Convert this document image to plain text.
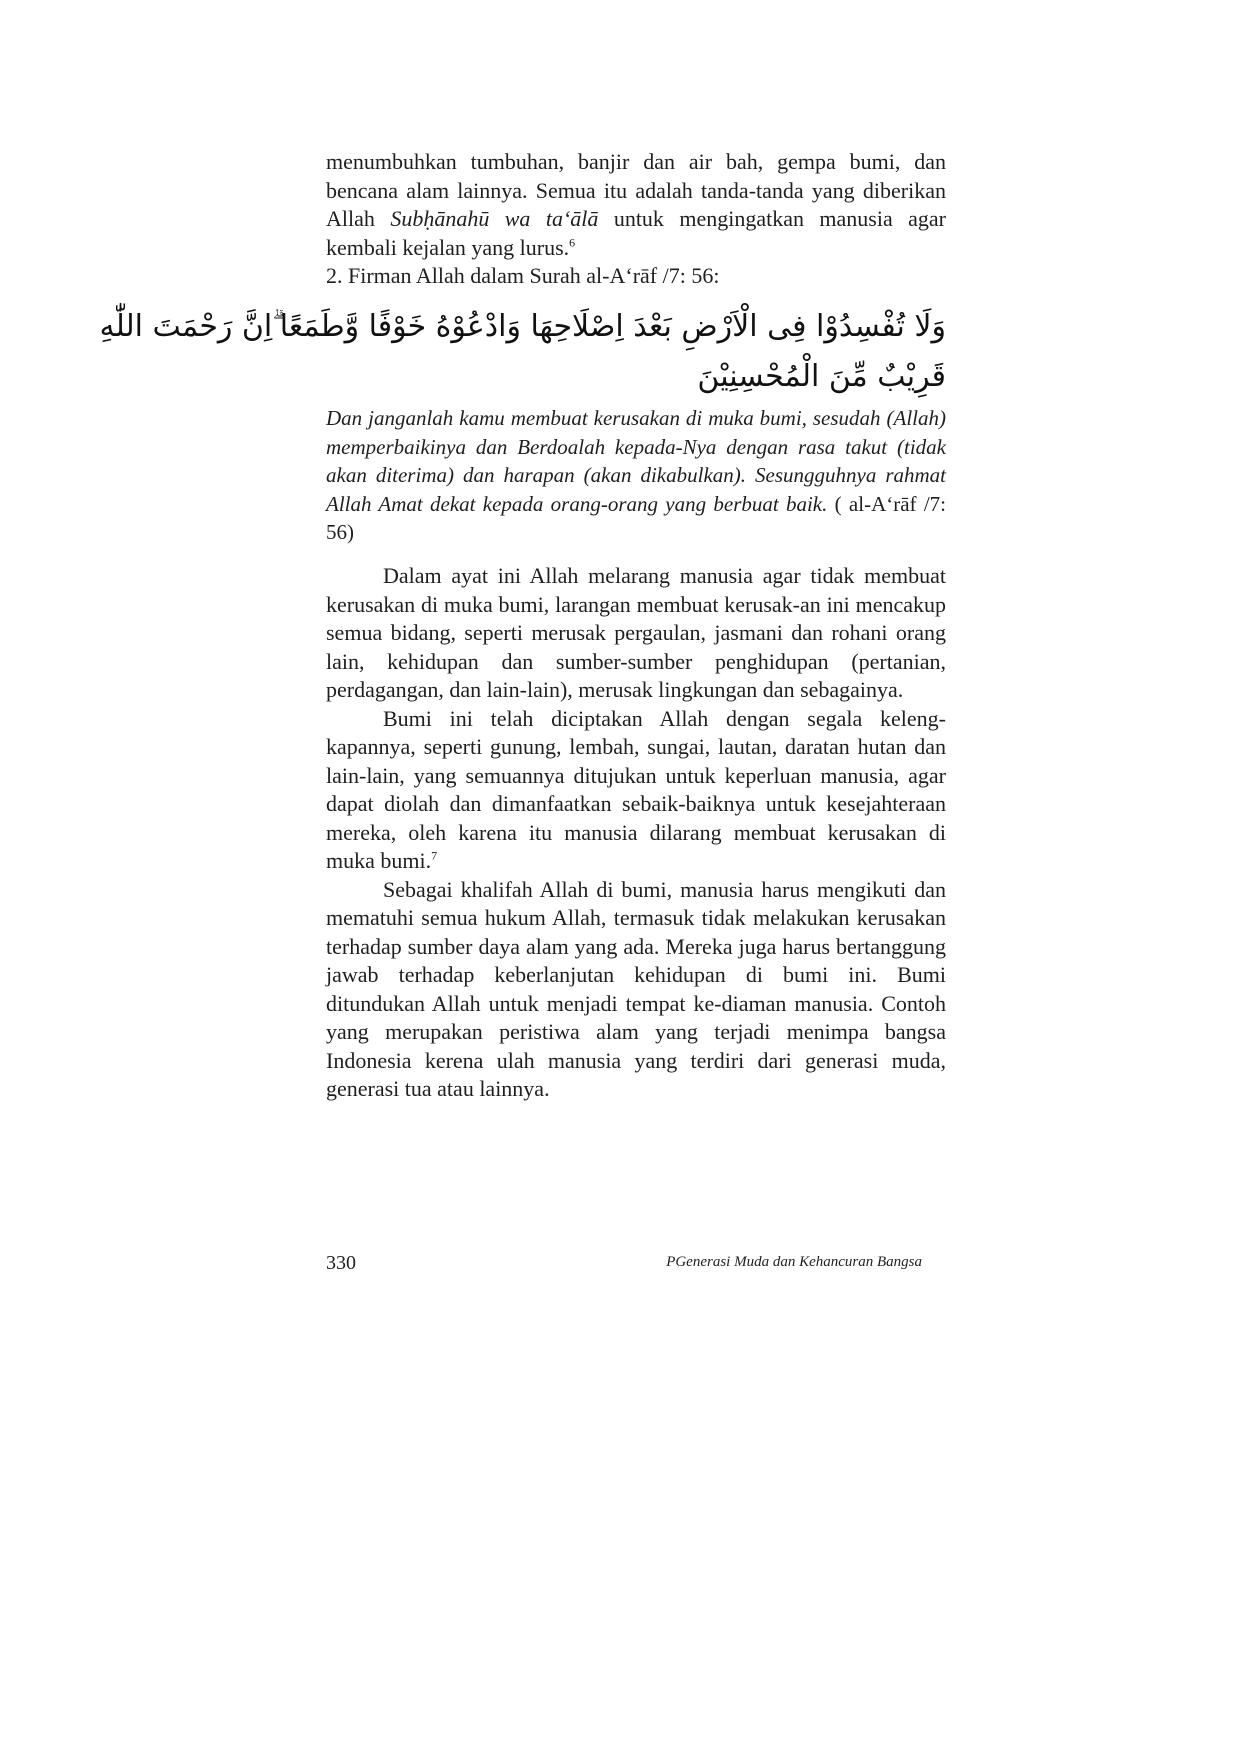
menumbuhkan tumbuhan, banjir dan air bah, gempa bumi, dan bencana alam lainnya. Semua itu adalah tanda-tanda yang diberikan Allah Subḥānahū wa ta‘ālā untuk mengingatkan manusia agar kembali kejalan yang lurus.$^6$
2. Firman Allah dalam Surah al-A‘rāf /7: 56:
وَلَا تُفْسِدُوْا فِى الْاَرْضِ بَعْدَ اِصْلَاحِهَا وَادْعُوْهُ خَوْفًا وَّطَمَعًا ۗاِنَّ رَحْمَتَ اللّٰهِ
قَرِيْبٌ مِّنَ الْمُحْسِنِيْنَ
Dan janganlah kamu membuat kerusakan di muka bumi, sesudah (Allah) memperbaikinya dan Berdoalah kepada-Nya dengan rasa takut (tidak akan diterima) dan harapan (akan dikabulkan). Sesungguhnya rahmat Allah Amat dekat kepada orang-orang yang berbuat baik. ( al-A‘rāf /7: 56)

Dalam ayat ini Allah melarang manusia agar tidak membuat kerusakan di muka bumi, larangan membuat kerusak-an ini mencakup semua bidang, seperti merusak pergaulan, jasmani dan rohani orang lain, kehidupan dan sumber-sumber penghidupan (pertanian, perdagangan, dan lain-lain), merusak lingkungan dan sebagainya.

Bumi ini telah diciptakan Allah dengan segala keleng-kapannya, seperti gunung, lembah, sungai, lautan, daratan hutan dan lain-lain, yang semuannya ditujukan untuk keperluan manusia, agar dapat diolah dan dimanfaatkan sebaik-baiknya untuk kesejahteraan mereka, oleh karena itu manusia dilarang membuat kerusakan di muka bumi.$^7$

Sebagai khalifah Allah di bumi, manusia harus mengikuti dan mematuhi semua hukum Allah, termasuk tidak melakukan kerusakan terhadap sumber daya alam yang ada. Mereka juga harus bertanggung jawab terhadap keberlanjutan kehidupan di bumi ini. Bumi ditundukan Allah untuk menjadi tempat ke-diaman manusia. Contoh yang merupakan peristiwa alam yang terjadi menimpa bangsa Indonesia kerena ulah manusia yang terdiri dari generasi muda, generasi tua atau lainnya.

330	PGenerasi Muda dan Kehancuran Bangsa
